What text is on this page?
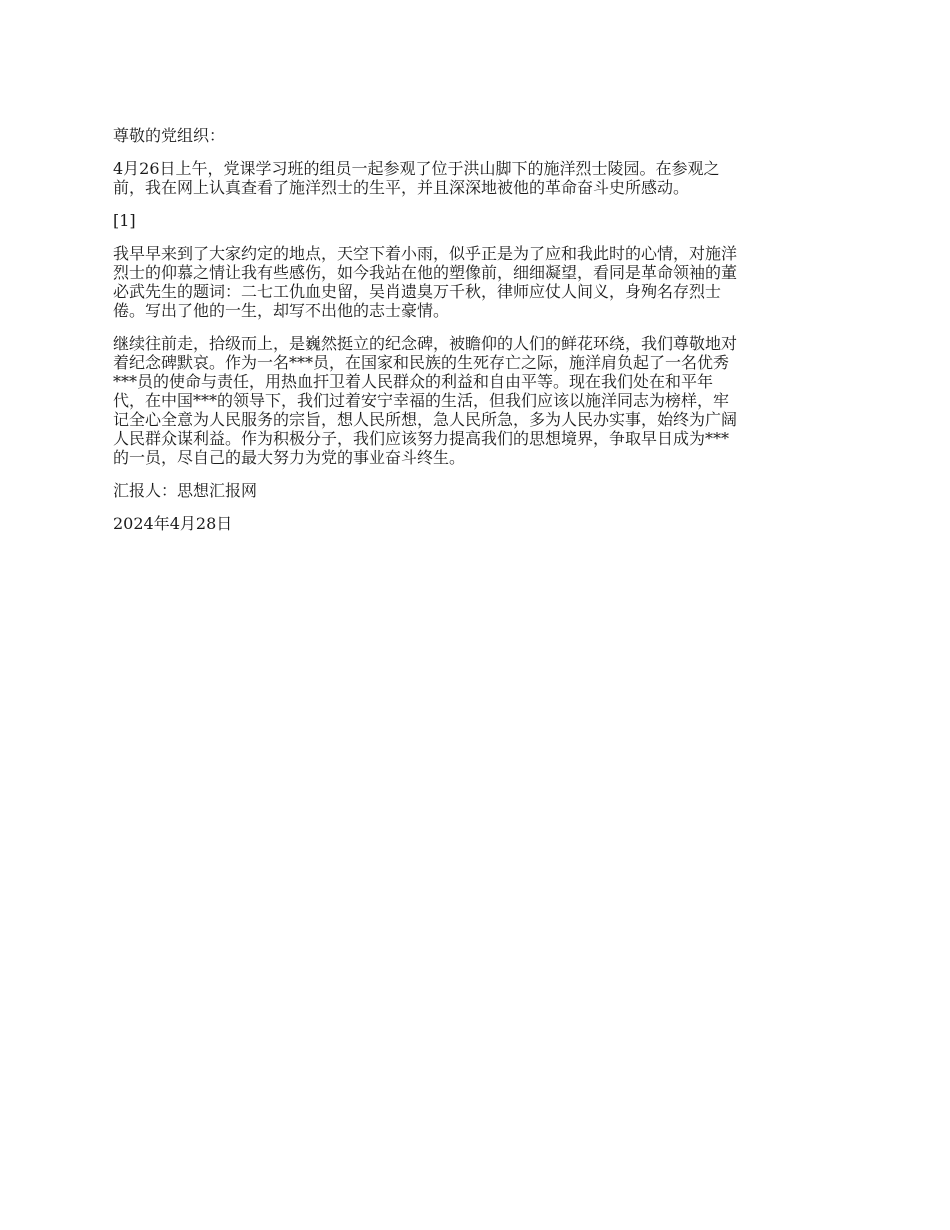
尊敬的党组织：

4月26日上午，党课学习班的组员一起参观了位于洪山脚下的施洋烈士陵园。在参观之
前，我在网上认真查看了施洋烈士的生平，并且深深地被他的革命奋斗史所感动。

[1]

我早早来到了大家约定的地点，天空下着小雨，似乎正是为了应和我此时的心情，对施洋
烈士的仰慕之情让我有些感伤，如今我站在他的塑像前，细细凝望，看同是革命领袖的董
必武先生的题词：二七工仇血史留，吴肖遗臭万千秋，律师应仗人间义，身殉名存烈士
倦。写出了他的一生，却写不出他的志士豪情。

继续往前走，拾级而上，是巍然挺立的纪念碑，被瞻仰的人们的鲜花环绕，我们尊敬地对
着纪念碑默哀。作为一名***员，在国家和民族的生死存亡之际，施洋肩负起了一名优秀
***员的使命与责任，用热血扞卫着人民群众的利益和自由平等。现在我们处在和平年
代，在中国***的领导下，我们过着安宁幸福的生活，但我们应该以施洋同志为榜样，牢
记全心全意为人民服务的宗旨，想人民所想，急人民所急，多为人民办实事，始终为广阔
人民群众谋利益。作为积极分子，我们应该努力提高我们的思想境界，争取早日成为***
的一员，尽自己的最大努力为党的事业奋斗终生。

汇报人：思想汇报网

2024年4月28日
